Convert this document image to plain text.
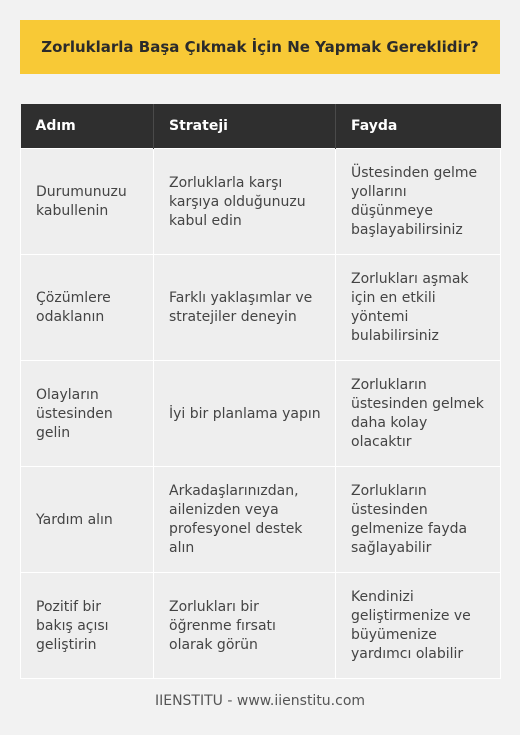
Zorluklarla Başa Çıkmak İçin Ne Yapmak Gereklidir?
Adım	Strateji	Fayda
Durumunuzu kabullenin	Zorluklarla karşı karşıya olduğunuzu kabul edin	Üstesinden gelme yollarını düşünmeye başlayabilirsiniz
Çözümlere odaklanın	Farklı yaklaşımlar ve stratejiler deneyin	Zorlukları aşmak için en etkili yöntemi bulabilirsiniz
Olayların üstesinden gelin	İyi bir planlama yapın	Zorlukların üstesinden gelmek daha kolay olacaktır
Yardım alın	Arkadaşlarınızdan, ailenizden veya profesyonel destek alın	Zorlukların üstesinden gelmenize fayda sağlayabilir
Pozitif bir bakış açısı geliştirin	Zorlukları bir öğrenme fırsatı olarak görün	Kendinizi geliştirmenize ve büyümenize yardımcı olabilir
IIENSTITU - www.iienstitu.com
